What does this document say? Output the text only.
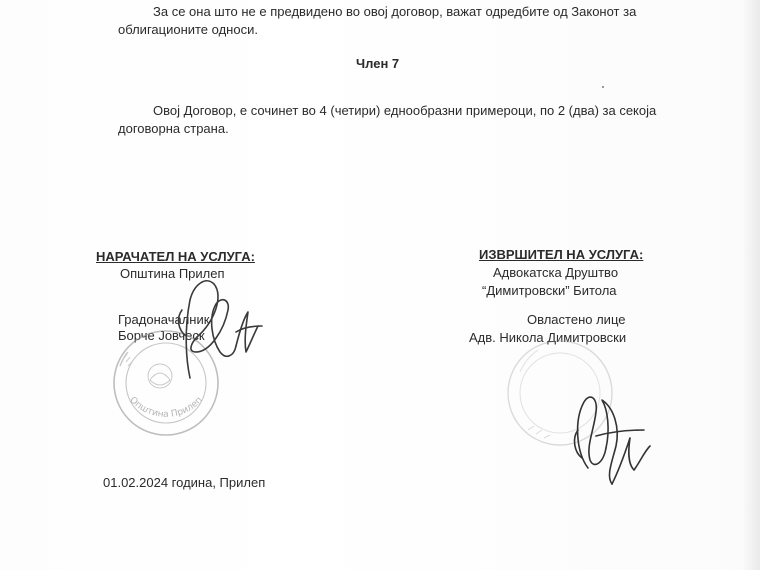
За се она што не е предвидено во овој договор, важат одредбите од Законот за
облигационите односи.
Член 7
Овој Договор, е сочинет во 4 (четири) еднообразни примероци, по 2 (два) за секоја
договорна страна.
НАРАЧАТЕЛ НА УСЛУГА:
Општина Прилеп
Градоначалник
Борче Јовческ
ИЗВРШИТЕЛ НА УСЛУГА:
Адвокатска Друштво
“Димитровски” Битола
Овластено лице
Адв. Никола Димитровски
01.02.2024 година, Прилеп
Општина Прилеп
